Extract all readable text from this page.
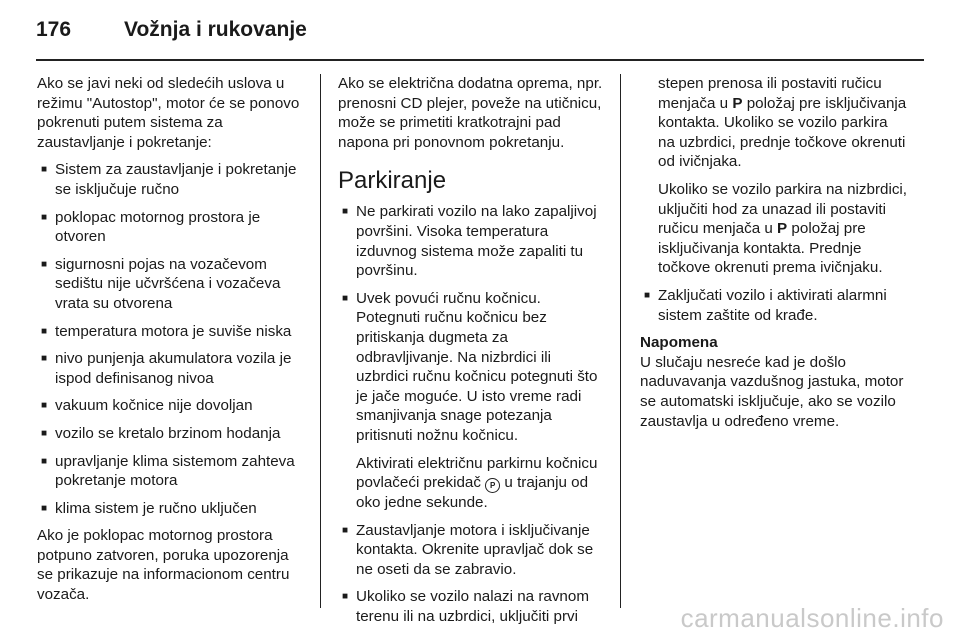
176	Vožnja i rukovanje

Ako se javi neki od sledećih uslova u režimu "Autostop", motor će se ponovo pokrenuti putem sistema za zaustavljanje i pokretanje:

■ Sistem za zaustavljanje i pokretanje se isključuje ručno
■ poklopac motornog prostora je otvoren
■ sigurnosni pojas na vozačevom sedištu nije učvršćena i vozačeva vrata su otvorena
■ temperatura motora je suviše niska
■ nivo punjenja akumulatora vozila je ispod definisanog nivoa
■ vakuum kočnice nije dovoljan
■ vozilo se kretalo brzinom hodanja
■ upravljanje klima sistemom zahteva pokretanje motora
■ klima sistem je ručno uključen

Ako je poklopac motornog prostora potpuno zatvoren, poruka upozorenja se prikazuje na informacionom centru vozača.

Ako se električna dodatna oprema, npr. prenosni CD plejer, poveže na utičnicu, može se primetiti kratkotrajni pad napona pri ponovnom pokretanju.

Parkiranje
■ Ne parkirati vozilo na lako zapaljivoj površini. Visoka temperatura izduvnog sistema može zapaliti tu površinu.
■ Uvek povući ručnu kočnicu. Potegnuti ručnu kočnicu bez pritiskanja dugmeta za odbravljivanje. Na nizbrdici ili uzbrdici ručnu kočnicu potegnuti što je jače moguće. U isto vreme radi smanjivanja snage potezanja pritisnuti nožnu kočnicu.

Aktivirati električnu parkirnu kočnicu povlačeći prekidač P u trajanju od oko jedne sekunde.

■ Zaustavljanje motora i isključivanje kontakta. Okrenite upravljač dok se ne oseti da se zabravio.
■ Ukoliko se vozilo nalazi na ravnom terenu ili na uzbrdici, uključiti prvi

stepen prenosa ili postaviti ručicu menjača u P položaj pre isključivanja kontakta. Ukoliko se vozilo parkira na uzbrdici, prednje točkove okrenuti od ivičnjaka.

Ukoliko se vozilo parkira na nizbrdici, uključiti hod za unazad ili postaviti ručicu menjača u P položaj pre isključivanja kontakta. Prednje točkove okrenuti prema ivičnjaku.

■ Zaključati vozilo i aktivirati alarmni sistem zaštite od krađe.

Napomena

U slučaju nesreće kad je došlo naduvavanja vazdušnog jastuka, motor se automatski isključuje, ako se vozilo zaustavlja u određeno vreme.

carmanualsonline.info
